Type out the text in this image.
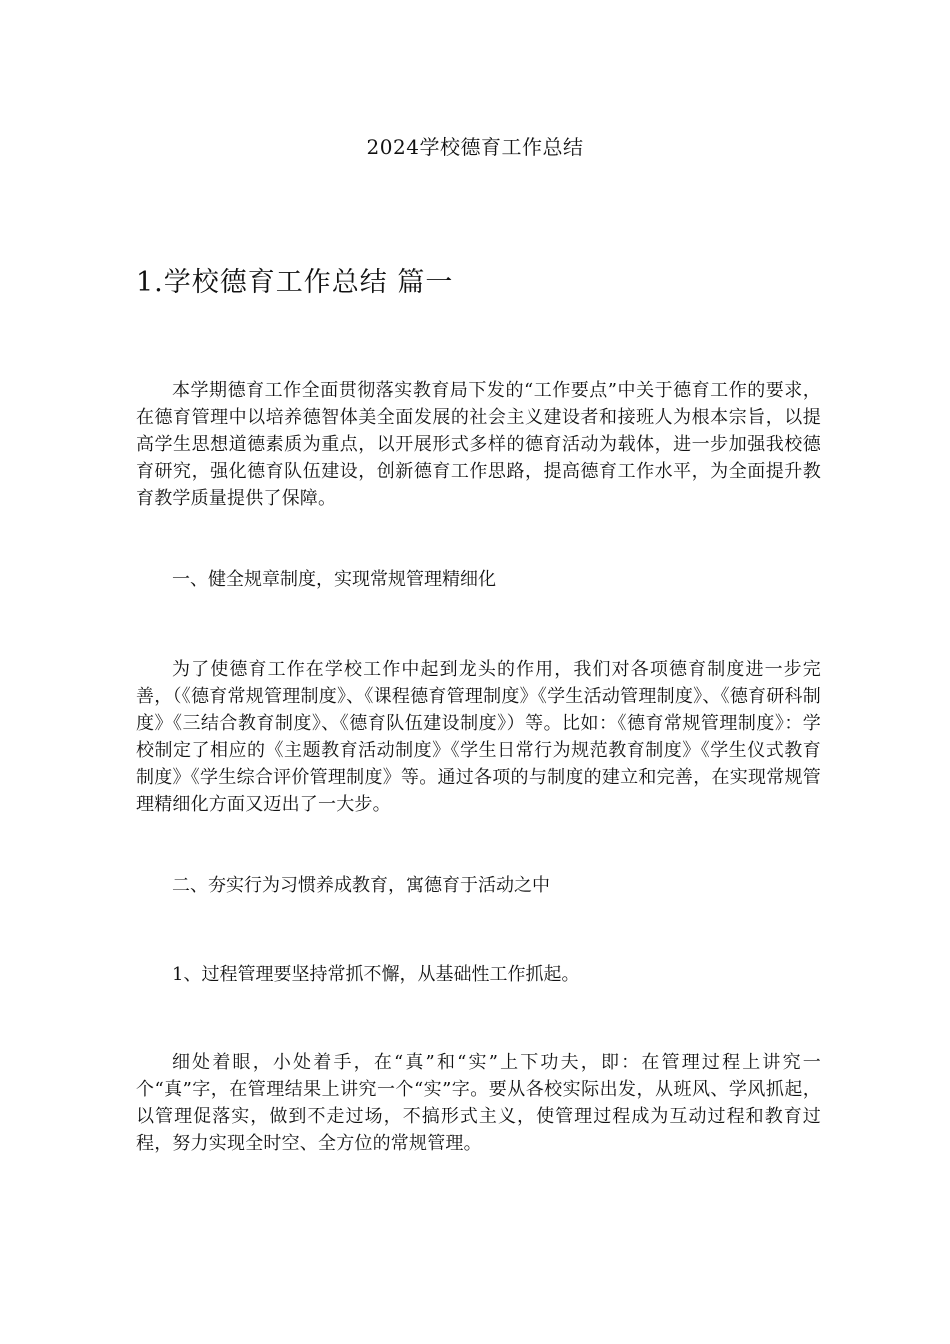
2024学校德育工作总结
1.学校德育工作总结 篇一
本学期德育工作全面贯彻落实教育局下发的“工作要点”中关于德育工作的要求，在德育管理中以培养德智体美全面发展的社会主义建设者和接班人为根本宗旨，以提高学生思想道德素质为重点，以开展形式多样的德育活动为载体，进一步加强我校德育研究，强化德育队伍建设，创新德育工作思路，提高德育工作水平，为全面提升教育教学质量提供了保障。
一、健全规章制度，实现常规管理精细化
为了使德育工作在学校工作中起到龙头的作用，我们对各项德育制度进一步完善，（《德育常规管理制度》、《课程德育管理制度》《学生活动管理制度》、《德育研科制度》《三结合教育制度》、《德育队伍建设制度》）等。比如：《德育常规管理制度》：学校制定了相应的《主题教育活动制度》《学生日常行为规范教育制度》《学生仪式教育制度》《学生综合评价管理制度》等。通过各项的与制度的建立和完善，在实现常规管理精细化方面又迈出了一大步。
二、夯实行为习惯养成教育，寓德育于活动之中
1、过程管理要坚持常抓不懈，从基础性工作抓起。
细处着眼，小处着手，在“真”和“实”上下功夫，即：在管理过程上讲究一个“真”字，在管理结果上讲究一个“实”字。要从各校实际出发，从班风、学风抓起，以管理促落实，做到不走过场，不搞形式主义，使管理过程成为互动过程和教育过程，努力实现全时空、全方位的常规管理。
